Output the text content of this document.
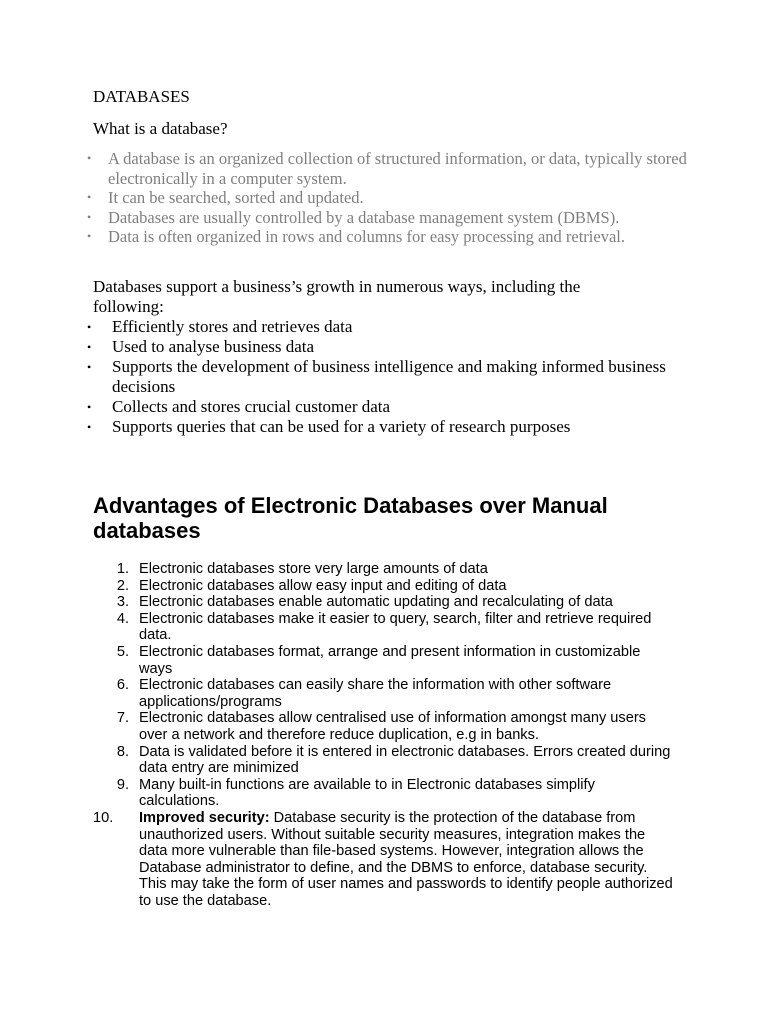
DATABASES
What is a database?
• A database is an organized collection of structured information, or data, typically stored electronically in a computer system.
• It can be searched, sorted and updated.
• Databases are usually controlled by a database management system (DBMS).
• Data is often organized in rows and columns for easy processing and retrieval.
Databases support a business’s growth in numerous ways, including the following:
• Efficiently stores and retrieves data
• Used to analyse business data
• Supports the development of business intelligence and making informed business decisions
• Collects and stores crucial customer data
• Supports queries that can be used for a variety of research purposes
Advantages of Electronic Databases over Manual databases
1. Electronic databases store very large amounts of data
2. Electronic databases allow easy input and editing of data
3. Electronic databases enable automatic updating and recalculating of data
4. Electronic databases make it easier to query, search, filter and retrieve required data.
5. Electronic databases format, arrange and present information in customizable ways
6. Electronic databases can easily share the information with other software applications/programs
7. Electronic databases allow centralised use of information amongst many users over a network and therefore reduce duplication, e.g in banks.
8. Data is validated before it is entered in electronic databases. Errors created during data entry are minimized
9. Many built-in functions are available to in Electronic databases simplify calculations.
10.	Improved security: Database security is the protection of the database from unauthorized users. Without suitable security measures, integration makes the data more vulnerable than file-based systems. However, integration allows the Database administrator to define, and the DBMS to enforce, database security. This may take the form of user names and passwords to identify people authorized to use the database.
